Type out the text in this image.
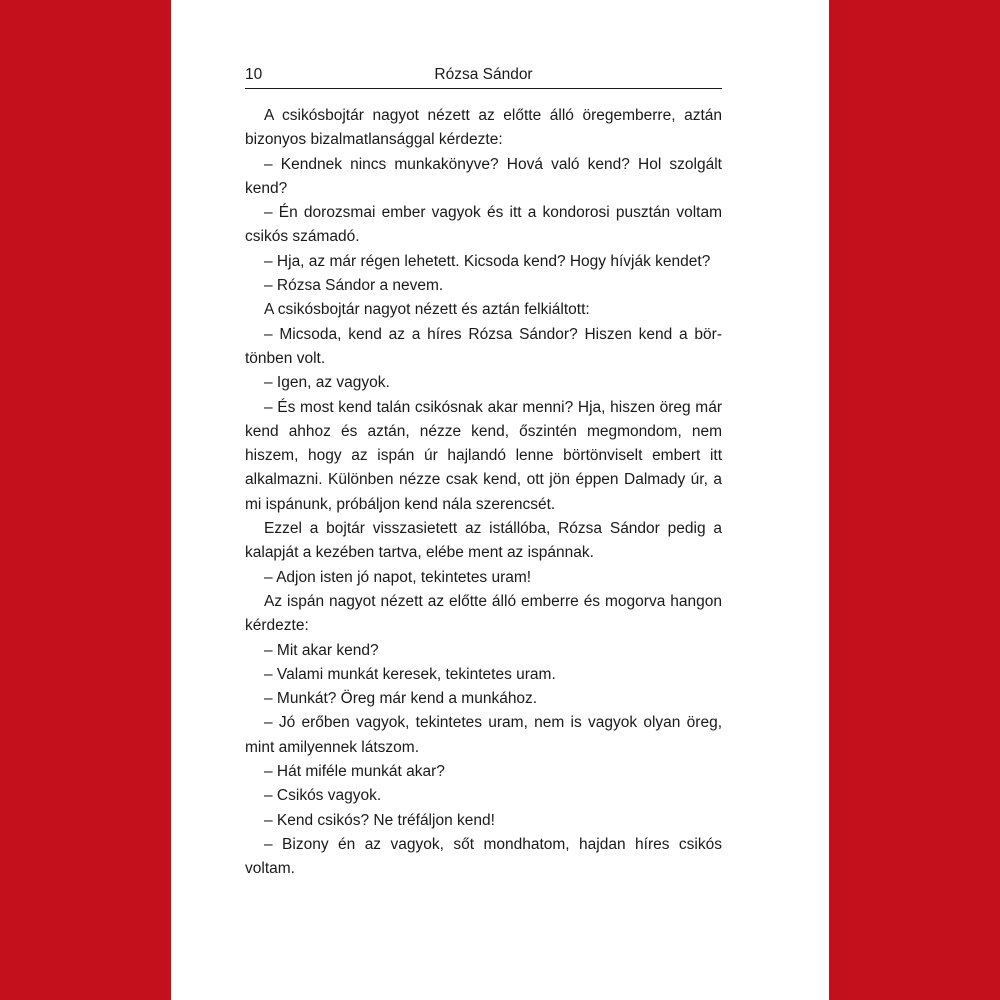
10	Rózsa Sándor

A csikósbojtár nagyot nézett az előtte álló öregemberre, aztán bizonyos bizalmatlansággal kérdezte:

– Kendnek nincs munkakönyve? Hová való kend? Hol szolgált kend?

– Én dorozsmai ember vagyok és itt a kondorosi pusztán voltam csikós számadó.

– Hja, az már régen lehetett. Kicsoda kend? Hogy hívják kendet?

– Rózsa Sándor a nevem.

A csikósbojtár nagyot nézett és aztán felkiáltott:

– Micsoda, kend az a híres Rózsa Sándor? Hiszen kend a börtönben volt.

– Igen, az vagyok.

– És most kend talán csikósnak akar menni? Hja, hiszen öreg már kend ahhoz és aztán, nézze kend, őszintén megmondom, nem hiszem, hogy az ispán úr hajlandó lenne börtönviselt embert itt alkalmazni. Különben nézze csak kend, ott jön éppen Dalmady úr, a mi ispánunk, próbáljon kend nála szerencsét.

Ezzel a bojtár visszasietett az istállóba, Rózsa Sándor pedig a kalapját a kezében tartva, elébe ment az ispánnak.

– Adjon isten jó napot, tekintetes uram!

Az ispán nagyot nézett az előtte álló emberre és mogorva hangon kérdezte:

– Mit akar kend?

– Valami munkát keresek, tekintetes uram.

– Munkát? Öreg már kend a munkához.

– Jó erőben vagyok, tekintetes uram, nem is vagyok olyan öreg, mint amilyennek látszom.

– Hát miféle munkát akar?

– Csikós vagyok.

– Kend csikós? Ne tréfáljon kend!

– Bizony én az vagyok, sőt mondhatom, hajdan híres csikós voltam.
